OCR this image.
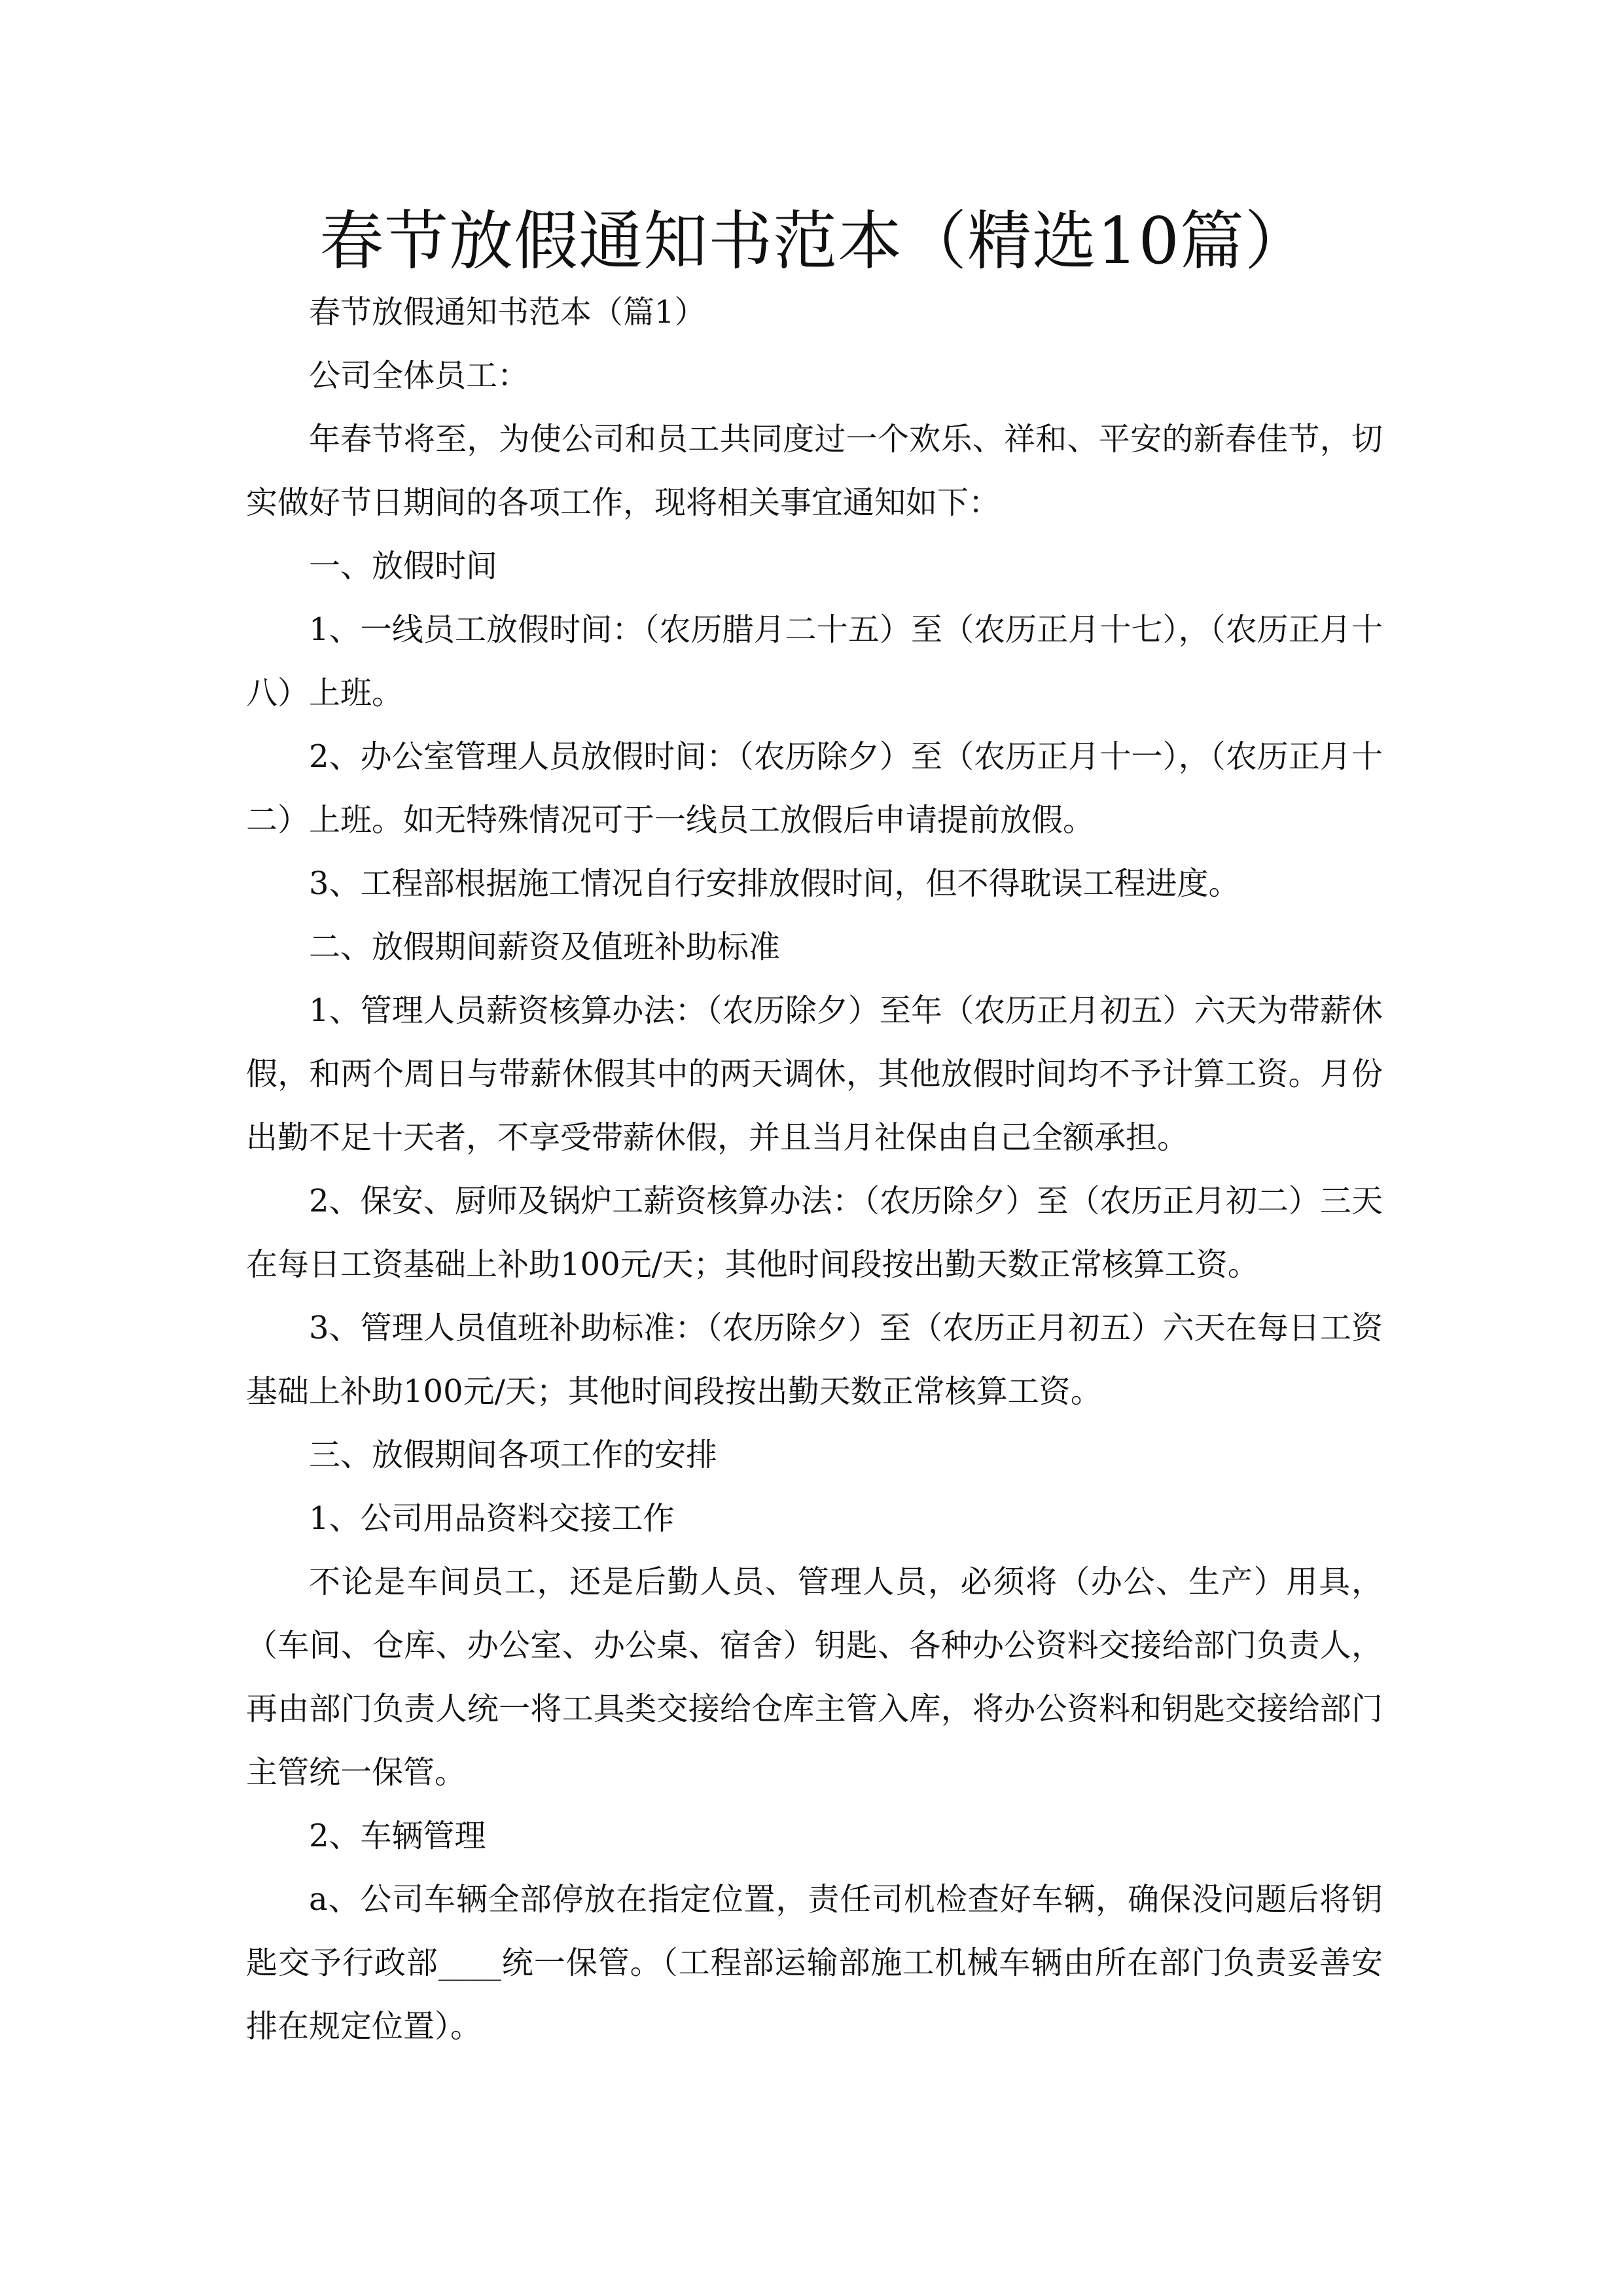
春节放假通知书范本（精选10篇）

春节放假通知书范本（篇1）

公司全体员工：

年春节将至，为使公司和员工共同度过一个欢乐、祥和、平安的新春佳节，切实做好节日期间的各项工作，现将相关事宜通知如下：

一、放假时间

1、一线员工放假时间：（农历腊月二十五）至（农历正月十七），（农历正月十八）上班。

2、办公室管理人员放假时间：（农历除夕）至（农历正月十一），（农历正月十二）上班。如无特殊情况可于一线员工放假后申请提前放假。

3、工程部根据施工情况自行安排放假时间，但不得耽误工程进度。

二、放假期间薪资及值班补助标准

1、管理人员薪资核算办法：（农历除夕）至年（农历正月初五）六天为带薪休假，和两个周日与带薪休假其中的两天调休，其他放假时间均不予计算工资。月份出勤不足十天者，不享受带薪休假，并且当月社保由自己全额承担。

2、保安、厨师及锅炉工薪资核算办法：（农历除夕）至（农历正月初二）三天在每日工资基础上补助100元/天；其他时间段按出勤天数正常核算工资。

3、管理人员值班补助标准：（农历除夕）至（农历正月初五）六天在每日工资基础上补助100元/天；其他时间段按出勤天数正常核算工资。

三、放假期间各项工作的安排

1、公司用品资料交接工作

不论是车间员工，还是后勤人员、管理人员，必须将（办公、生产）用具，（车间、仓库、办公室、办公桌、宿舍）钥匙、各种办公资料交接给部门负责人，再由部门负责人统一将工具类交接给仓库主管入库，将办公资料和钥匙交接给部门主管统一保管。

2、车辆管理

a、公司车辆全部停放在指定位置，责任司机检查好车辆，确保没问题后将钥匙交予行政部____统一保管。（工程部运输部施工机械车辆由所在部门负责妥善安排在规定位置）。
